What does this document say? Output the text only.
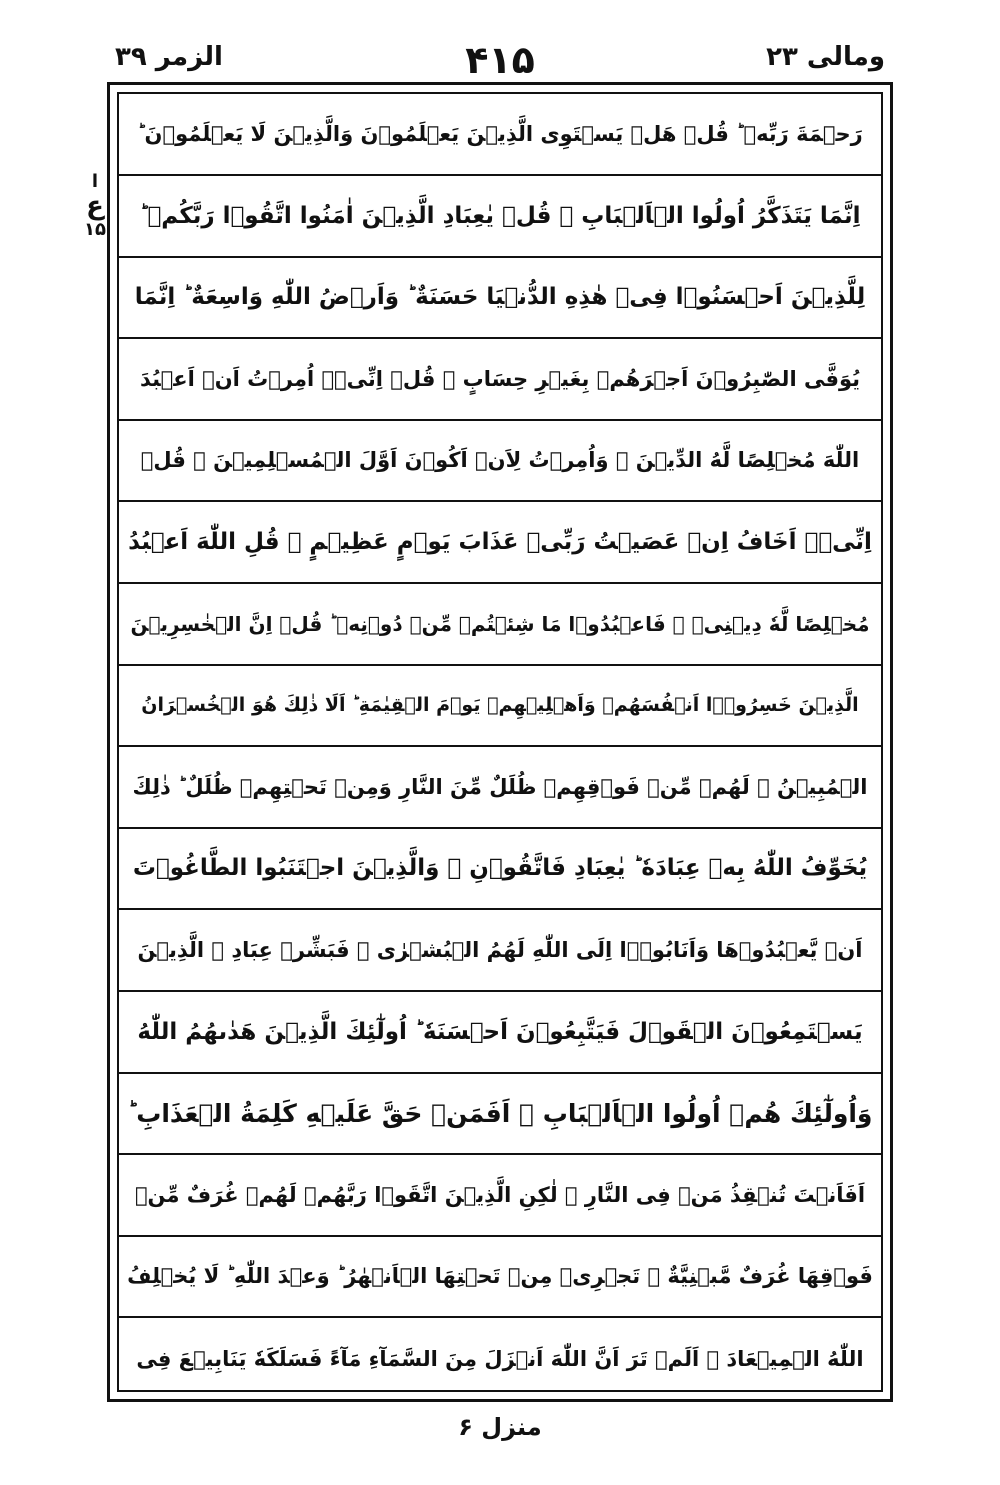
الزمر ۳۹	۴۱۵	ومالی ۲۳
ا
ع
۱۵
رَحۡمَةَ رَبِّهٖ ؕ قُلۡ هَلۡ يَسۡتَوِى الَّذِيۡنَ يَعۡلَمُوۡنَ وَالَّذِيۡنَ لَا يَعۡلَمُوۡنَ ؕ
اِنَّمَا يَتَذَكَّرُ اُولُوا الۡاَلۡبَابِ ۞ قُلۡ يٰعِبَادِ الَّذِيۡنَ اٰمَنُوا اتَّقُوۡا رَبَّكُمۡ ؕ
لِلَّذِيۡنَ اَحۡسَنُوۡا فِىۡ هٰذِهِ الدُّنۡيَا حَسَنَةٌ ؕ وَاَرۡضُ اللّٰهِ وَاسِعَةٌ ؕ اِنَّمَا
يُوَفَّى الصّٰبِرُوۡنَ اَجۡرَهُمۡ بِغَيۡرِ حِسَابٍ ۞ قُلۡ اِنِّىۡۤ اُمِرۡتُ اَنۡ اَعۡبُدَ
اللّٰهَ مُخۡلِصًا لَّهُ الدِّيۡنَ ۞ وَاُمِرۡتُ لِاَنۡ اَكُوۡنَ اَوَّلَ الۡمُسۡلِمِيۡنَ ۞ قُلۡ
اِنِّىۡۤ اَخَافُ اِنۡ عَصَيۡتُ رَبِّىۡ عَذَابَ يَوۡمٍ عَظِيۡمٍ ۞ قُلِ اللّٰهَ اَعۡبُدُ
مُخۡلِصًا لَّهٗ دِيۡنِىۡ ۞ فَاعۡبُدُوۡا مَا شِئۡتُمۡ مِّنۡ دُوۡنِهٖ ؕ قُلۡ اِنَّ الۡخٰسِرِيۡنَ
الَّذِيۡنَ خَسِرُوۡۤا اَنۡفُسَهُمۡ وَاَهۡلِيۡهِمۡ يَوۡمَ الۡقِيٰمَةِ ؕ اَلَا ذٰلِكَ هُوَ الۡخُسۡرَانُ
الۡمُبِيۡنُ ۞ لَهُمۡ مِّنۡ فَوۡقِهِمۡ ظُلَلٌ مِّنَ النَّارِ وَمِنۡ تَحۡتِهِمۡ ظُلَلٌ ؕ ذٰلِكَ
يُخَوِّفُ اللّٰهُ بِهٖ عِبَادَهٗ ؕ يٰعِبَادِ فَاتَّقُوۡنِ ۞ وَالَّذِيۡنَ اجۡتَنَبُوا الطَّاغُوۡتَ
اَنۡ يَّعۡبُدُوۡهَا وَاَنَابُوۡۤا اِلَى اللّٰهِ لَهُمُ الۡبُشۡرٰى ۚ فَبَشِّرۡ عِبَادِ ۞ الَّذِيۡنَ
يَسۡتَمِعُوۡنَ الۡقَوۡلَ فَيَتَّبِعُوۡنَ اَحۡسَنَهٗ ؕ اُولٰٓئِكَ الَّذِيۡنَ هَدٰٮهُمُ اللّٰهُ
وَاُولٰٓئِكَ هُمۡ اُولُوا الۡاَلۡبَابِ ۞ اَفَمَنۡ حَقَّ عَلَيۡهِ كَلِمَةُ الۡعَذَابِ ؕ
اَفَاَنۡتَ تُنۡقِذُ مَنۡ فِى النَّارِ ۞ لٰكِنِ الَّذِيۡنَ اتَّقَوۡا رَبَّهُمۡ لَهُمۡ غُرَفٌ مِّنۡ
فَوۡقِهَا غُرَفٌ مَّبۡنِيَّةٌ ۙ تَجۡرِىۡ مِنۡ تَحۡتِهَا الۡاَنۡهٰرُ ؕ وَعۡدَ اللّٰهِ ؕ لَا يُخۡلِفُ
اللّٰهُ الۡمِيۡعَادَ ۞ اَلَمۡ تَرَ اَنَّ اللّٰهَ اَنۡزَلَ مِنَ السَّمَآءِ مَآءً فَسَلَكَهٗ يَنَابِيۡعَ فِى
منزل ۶
